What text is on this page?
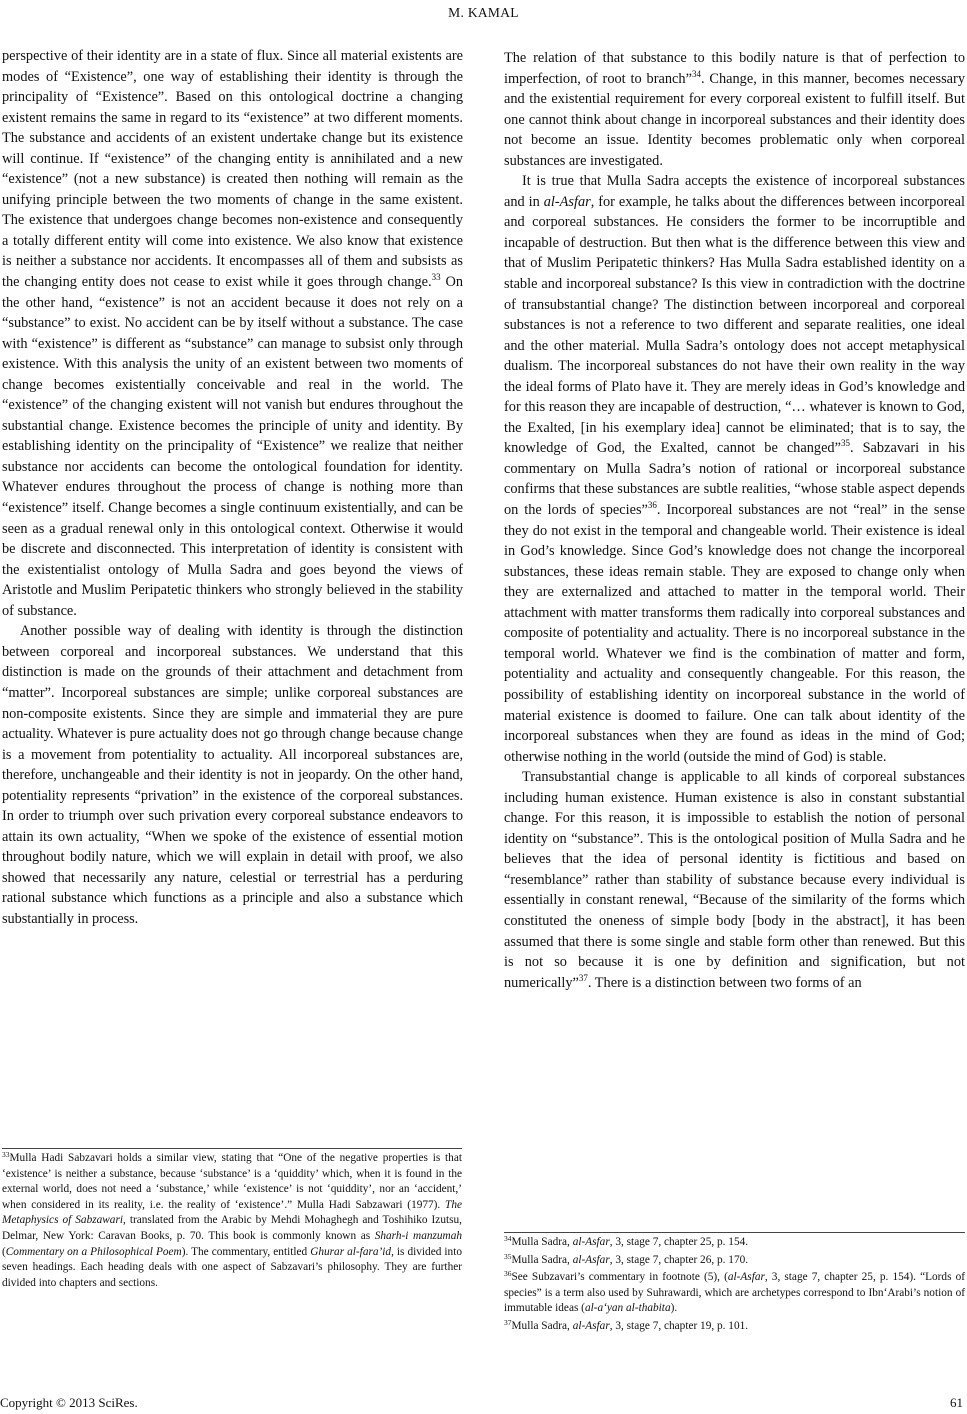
M. KAMAL

perspective of their identity are in a state of flux. Since all material existents are modes of “Existence”, one way of establishing their identity is through the principality of “Existence”. Based on this ontological doctrine a changing existent remains the same in regard to its “existence” at two different moments. The substance and accidents of an existent undertake change but its existence will continue. If “existence” of the changing entity is annihilated and a new “existence” (not a new substance) is created then nothing will remain as the unifying principle between the two moments of change in the same existent. The existence that undergoes change becomes non-existence and consequently a totally different entity will come into existence. We also know that existence is neither a substance nor accidents. It encompasses all of them and subsists as the changing entity does not cease to exist while it goes through change.$^{33}$ On the other hand, “existence” is not an accident because it does not rely on a “substance” to exist. No accident can be by itself without a substance. The case with “existence” is different as “substance” can manage to subsist only through existence. With this analysis the unity of an existent between two moments of change becomes existentially conceivable and real in the world. The “existence” of the changing existent will not vanish but endures throughout the substantial change. Existence becomes the principle of unity and identity. By establishing identity on the principality of “Existence” we realize that neither substance nor accidents can become the ontological foundation for identity. Whatever endures throughout the process of change is nothing more than “existence” itself. Change becomes a single continuum existentially, and can be seen as a gradual renewal only in this ontological context. Otherwise it would be discrete and disconnected. This interpretation of identity is consistent with the existentialist ontology of Mulla Sadra and goes beyond the views of Aristotle and Muslim Peripatetic thinkers who strongly believed in the stability of substance.

Another possible way of dealing with identity is through the distinction between corporeal and incorporeal substances. We understand that this distinction is made on the grounds of their attachment and detachment from “matter”. Incorporeal substances are simple; unlike corporeal substances are non-composite existents. Since they are simple and immaterial they are pure actuality. Whatever is pure actuality does not go through change because change is a movement from potentiality to actuality. All incorporeal substances are, therefore, unchangeable and their identity is not in jeopardy. On the other hand, potentiality represents “privation” in the existence of the corporeal substances. In order to triumph over such privation every corporeal substance endeavors to attain its own actuality, “When we spoke of the existence of essential motion throughout bodily nature, which we will explain in detail with proof, we also showed that necessarily any nature, celestial or terrestrial has a perduring rational substance which functions as a principle and also a substance which substantially in process.

The relation of that substance to this bodily nature is that of perfection to imperfection, of root to branch”$^{34}$. Change, in this manner, becomes necessary and the existential requirement for every corporeal existent to fulfill itself. But one cannot think about change in incorporeal substances and their identity does not become an issue. Identity becomes problematic only when corporeal substances are investigated.

It is true that Mulla Sadra accepts the existence of incorporeal substances and in al-Asfar, for example, he talks about the differences between incorporeal and corporeal substances. He considers the former to be incorruptible and incapable of destruction. But then what is the difference between this view and that of Muslim Peripatetic thinkers? Has Mulla Sadra established identity on a stable and incorporeal substance? Is this view in contradiction with the doctrine of transubstantial change? The distinction between incorporeal and corporeal substances is not a reference to two different and separate realities, one ideal and the other material. Mulla Sadra’s ontology does not accept metaphysical dualism. The incorporeal substances do not have their own reality in the way the ideal forms of Plato have it. They are merely ideas in God’s knowledge and for this reason they are incapable of destruction, “… whatever is known to God, the Exalted, [in his exemplary idea] cannot be eliminated; that is to say, the knowledge of God, the Exalted, cannot be changed”$^{35}$. Sabzavari in his commentary on Mulla Sadra’s notion of rational or incorporeal substance confirms that these substances are subtle realities, “whose stable aspect depends on the lords of species”$^{36}$. Incorporeal substances are not “real” in the sense they do not exist in the temporal and changeable world. Their existence is ideal in God’s knowledge. Since God’s knowledge does not change the incorporeal substances, these ideas remain stable. They are exposed to change only when they are externalized and attached to matter in the temporal world. Their attachment with matter transforms them radically into corporeal substances and composite of potentiality and actuality. There is no incorporeal substance in the temporal world. Whatever we find is the combination of matter and form, potentiality and actuality and consequently changeable. For this reason, the possibility of establishing identity on incorporeal substance in the world of material existence is doomed to failure. One can talk about identity of the incorporeal substances when they are found as ideas in the mind of God; otherwise nothing in the world (outside the mind of God) is stable.

Transubstantial change is applicable to all kinds of corporeal substances including human existence. Human existence is also in constant substantial change. For this reason, it is impossible to establish the notion of personal identity on “substance”. This is the ontological position of Mulla Sadra and he believes that the idea of personal identity is fictitious and based on “resemblance” rather than stability of substance because every individual is essentially in constant renewal, “Because of the similarity of the forms which constituted the oneness of simple body [body in the abstract], it has been assumed that there is some single and stable form other than renewed. But this is not so because it is one by definition and signification, but not numerically”$^{37}$. There is a distinction between two forms of an

$^{33}$Mulla Hadi Sabzavari holds a similar view, stating that “One of the negative properties is that ‘existence’ is neither a substance, because ‘substance’ is a ‘quiddity’ which, when it is found in the external world, does not need a ‘substance,’ while ‘existence’ is not ‘quiddity’, nor an ‘accident,’ when considered in its reality, i.e. the reality of ‘existence’.” Mulla Hadi Sabzawari (1977). The Metaphysics of Sabzawari, translated from the Arabic by Mehdi Mohaghegh and Toshihiko Izutsu, Delmar, New York: Caravan Books, p. 70. This book is commonly known as Sharh-i manzumah (Commentary on a Philosophical Poem). The commentary, entitled Ghurar al-fara’id, is divided into seven headings. Each heading deals with one aspect of Sabzavari’s philosophy. They are further divided into chapters and sections.

$^{34}$Mulla Sadra, al-Asfar, 3, stage 7, chapter 25, p. 154.

$^{35}$Mulla Sadra, al-Asfar, 3, stage 7, chapter 26, p. 170.

$^{36}$See Subzavari’s commentary in footnote (5), (al-Asfar, 3, stage 7, chapter 25, p. 154). “Lords of species” is a term also used by Suhrawardi, which are archetypes correspond to Ibn‘Arabi’s notion of immutable ideas (al-a‘yan al-thabita).

$^{37}$Mulla Sadra, al-Asfar, 3, stage 7, chapter 19, p. 101.

Copyright © 2013 SciRes.	61
